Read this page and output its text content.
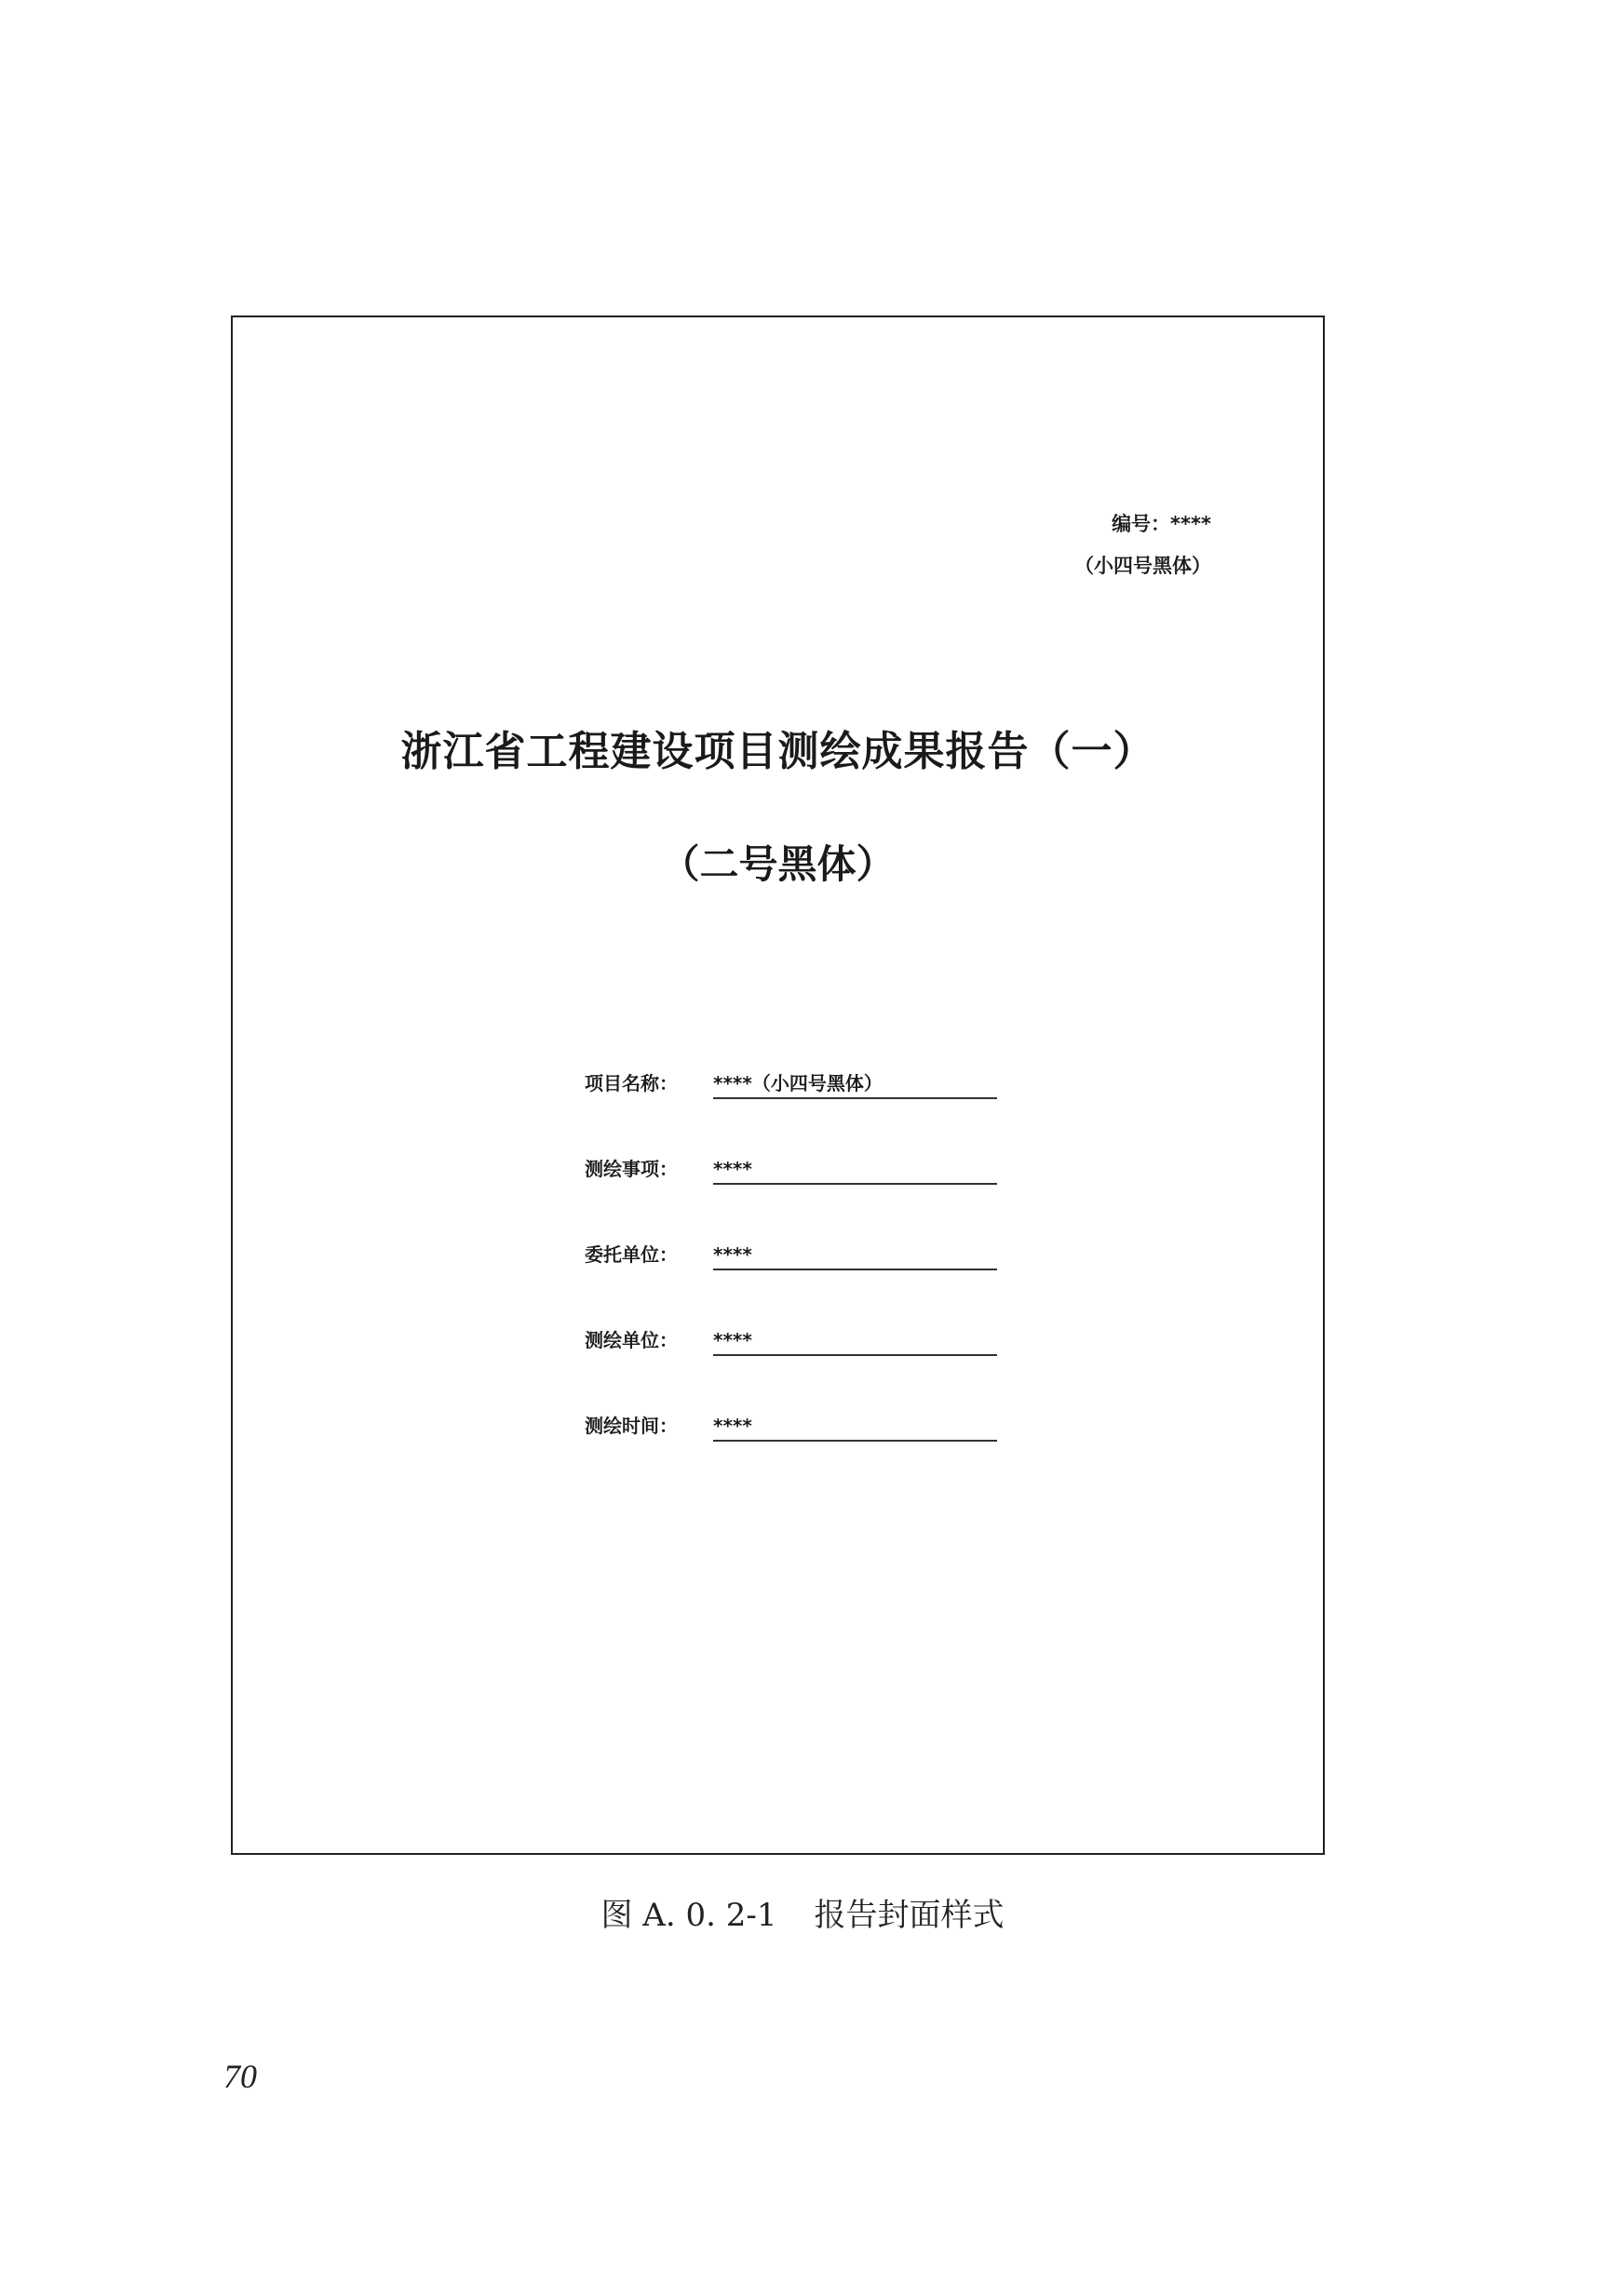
编号：****
（小四号黑体）
浙江省工程建设项目测绘成果报告（一）
（二号黑体）
项目名称： ****（小四号黑体）
测绘事项： ****
委托单位： ****
测绘单位： ****
测绘时间： ****
图 A. 0. 2-1 报告封面样式
70
